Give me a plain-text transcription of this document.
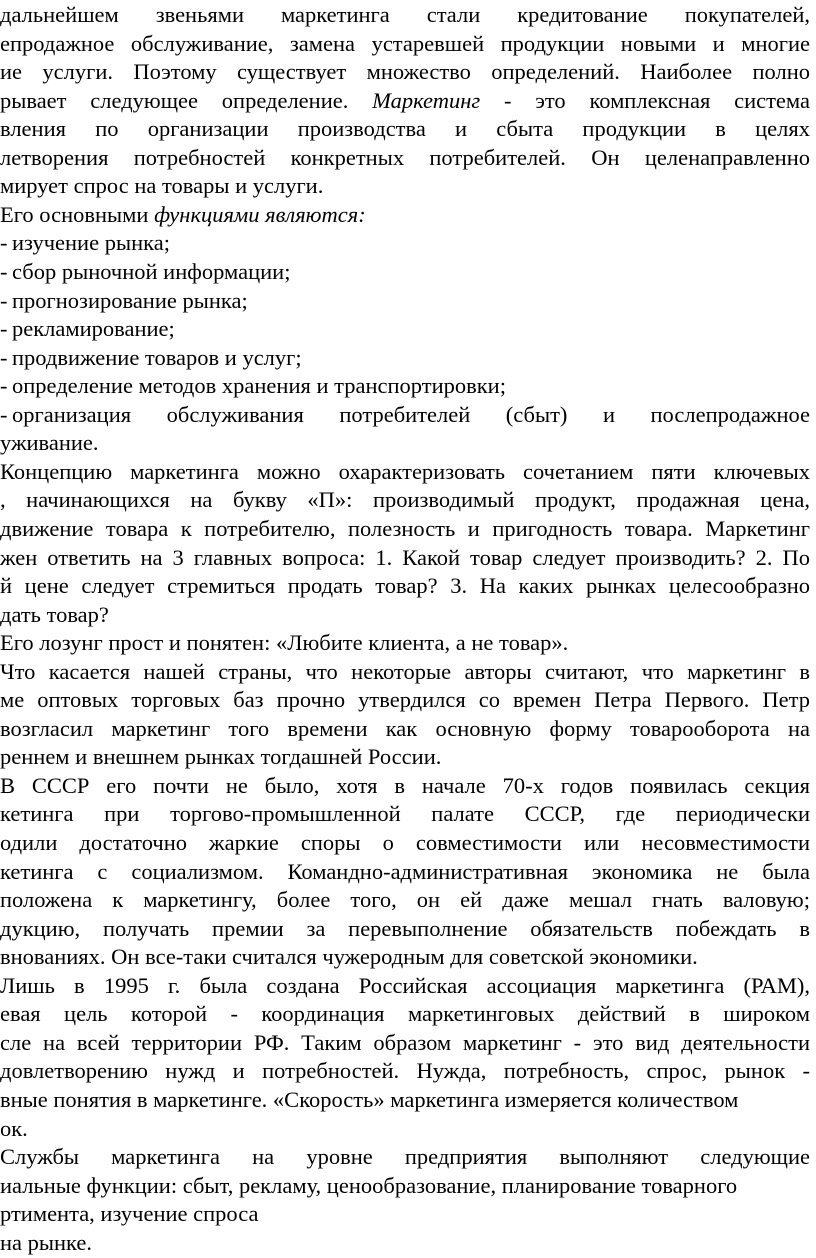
дальнейшем звеньями маркетинга стали кредитование покупателей,
епродажное обслуживание, замена устаревшей продукции новыми и многие
ие услуги. Поэтому существует множество определений. Наиболее полно
рывает следующее определение. Маркетинг - это комплексная система
вления по организации производства и сбыта продукции в целях
летворения потребностей конкретных потребителей. Он целенаправленно
мирует спрос на товары и услуги.
Его основными функциями являются:
- изучение рынка;
- сбор рыночной информации;
- прогнозирование рынка;
- рекламирование;
- продвижение товаров и услуг;
- определение методов хранения и транспортировки;
- организация обслуживания потребителей (сбыт) и послепродажное
уживание.
Концепцию маркетинга можно охарактеризовать сочетанием пяти ключевых
, начинающихся на букву «П»: производимый продукт, продажная цена,
движение товара к потребителю, полезность и пригодность товара. Маркетинг
жен ответить на 3 главных вопроса: 1. Какой товар следует производить? 2. По
й цене следует стремиться продать товар? 3. На каких рынках целесообразно
дать товар?
Его лозунг прост и понятен: «Любите клиента, а не товар».
Что касается нашей страны, что некоторые авторы считают, что маркетинг в
ме оптовых торговых баз прочно утвердился со времен Петра Первого. Петр
возгласил маркетинг того времени как основную форму товарооборота на
реннем и внешнем рынках тогдашней России.
В СССР его почти не было, хотя в начале 70-х годов появилась секция
кетинга при торгово-промышленной палате СССР, где периодически
одили достаточно жаркие споры о совместимости или несовместимости
кетинга с социализмом. Командно-административная экономика не была
положена к маркетингу, более того, он ей даже мешал гнать валовую;
дукцию, получать премии за перевыполнение обязательств побеждать в
внованиях. Он все-таки считался чужеродным для советской экономики.
Лишь в 1995 г. была создана Российская ассоциация маркетинга (РАМ),
евая цель которой - координация маркетинговых действий в широком
сле на всей территории РФ. Таким образом маркетинг - это вид деятельности
довлетворению нужд и потребностей. Нужда, потребность, спрос, рынок -
вные понятия в маркетинге. «Скорость» маркетинга измеряется количеством
ок.
Службы маркетинга на уровне предприятия выполняют следующие
иальные функции: сбыт, рекламу, ценообразование, планирование товарного
ртимента, изучение спроса
на рынке.
